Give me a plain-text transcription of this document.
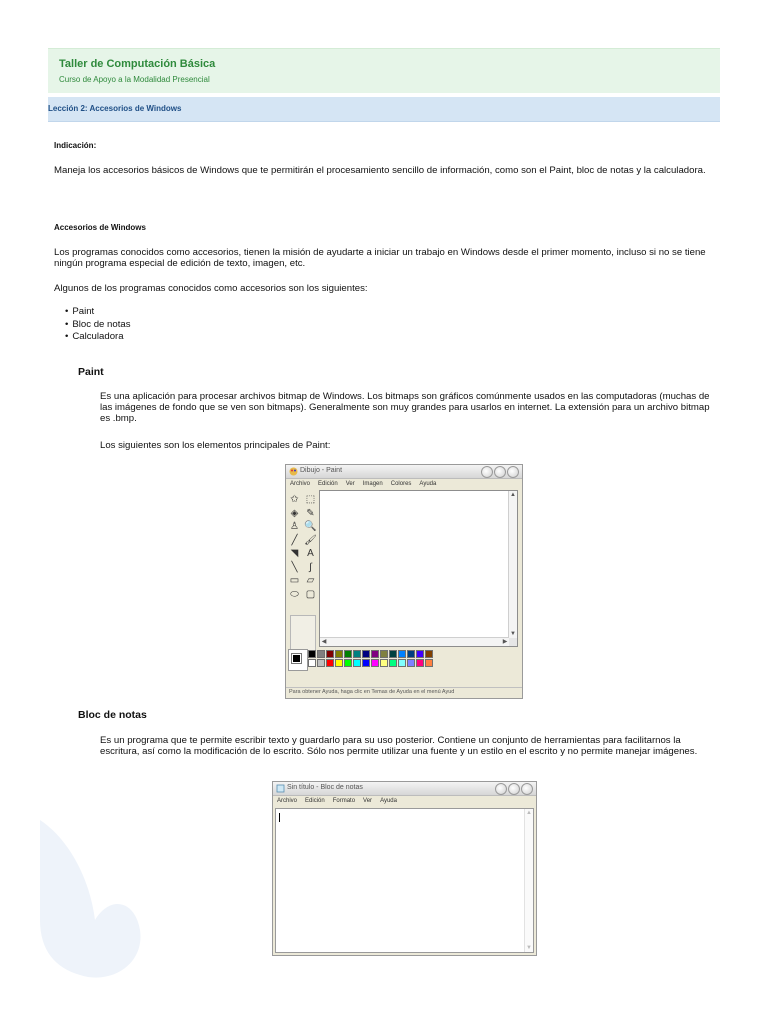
Taller de Computación Básica
Curso de Apoyo a la Modalidad Presencial
Lección 2: Accesorios de Windows
Indicación:
Maneja los accesorios básicos de Windows que te permitirán el procesamiento sencillo de información, como son el Paint, bloc de notas y la calculadora.
Accesorios de Windows
Los programas conocidos como accesorios, tienen la misión de ayudarte a iniciar un trabajo en Windows desde el primer momento, incluso si no se tiene ningún programa especial de edición de texto, imagen, etc.
Algunos de los programas conocidos como accesorios son los siguientes:
• Paint
• Bloc de notas
• Calculadora
Paint
Es una aplicación para procesar archivos bitmap de Windows. Los bitmaps son gráficos comúnmente usados en las computadoras (muchas de las imágenes de fondo que se ven son bitmaps). Generalmente son muy grandes para usarlos en internet. La extensión para un archivo bitmap es .bmp.
Los siguientes son los elementos principales de Paint:
Dibujo - Paint
Archivo Edición Ver Imagen Colores Ayuda
✩ ⬚
◈ ✎
♙ 🔍
╱ 🖌
◥ A
╲	∫
▭ ▱
⬭ ▢
▲
▼
◀	▶
Para obtener Ayuda, haga clic en Temas de Ayuda en el menú Ayud
Bloc de notas
Es un programa que te permite escribir texto y guardarlo para su uso posterior. Contiene un conjunto de herramientas para facilitarnos la escritura, así como la modificación de lo escrito. Sólo nos permite utilizar una fuente y un estilo en el escrito y no permite manejar imágenes.
Sin título - Bloc de notas
Archivo Edición Formato Ver Ayuda
▲
▼
